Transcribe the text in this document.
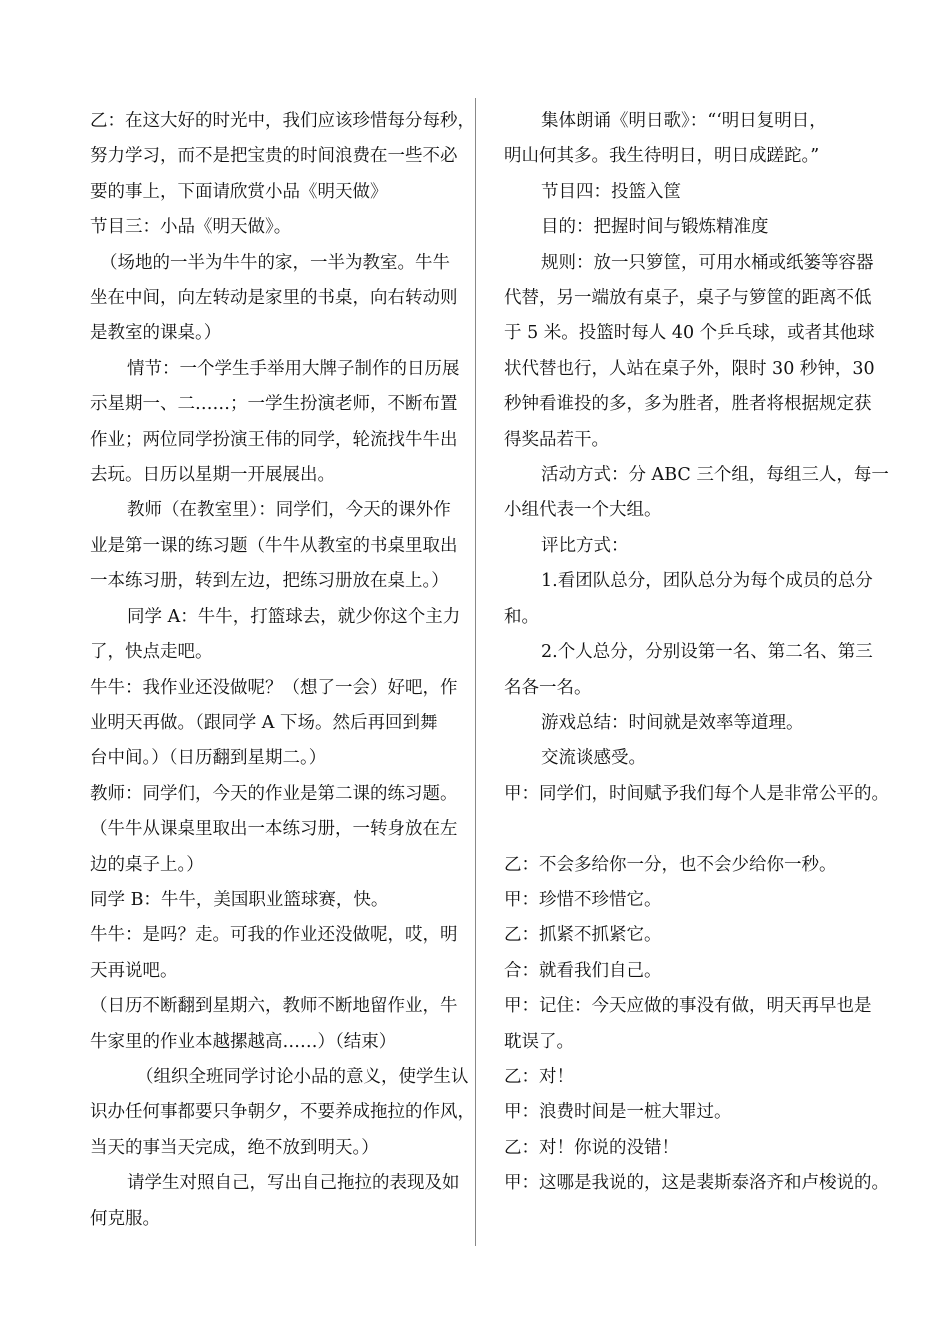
乙：在这大好的时光中，我们应该珍惜每分每秒，

努力学习，而不是把宝贵的时间浪费在一些不必

要的事上，下面请欣赏小品《明天做》

节目三：小品《明天做》。

（场地的一半为牛牛的家，一半为教室。牛牛

坐在中间，向左转动是家里的书桌，向右转动则

是教室的课桌。）

情节：一个学生手举用大牌子制作的日历展

示星期一、二……；一学生扮演老师，不断布置

作业；两位同学扮演王伟的同学，轮流找牛牛出

去玩。日历以星期一开展展出。

教师（在教室里）：同学们，今天的课外作

业是第一课的练习题（牛牛从教室的书桌里取出

一本练习册，转到左边，把练习册放在桌上。）

同学 A：牛牛，打篮球去，就少你这个主力

了，快点走吧。

牛牛：我作业还没做呢？（想了一会）好吧，作

业明天再做。（跟同学 A 下场。然后再回到舞

台中间。）（日历翻到星期二。）

教师：同学们，今天的作业是第二课的练习题。

（牛牛从课桌里取出一本练习册，一转身放在左

边的桌子上。）

同学 B：牛牛，美国职业篮球赛，快。

牛牛：是吗？走。可我的作业还没做呢，哎，明

天再说吧。

（日历不断翻到星期六，教师不断地留作业，牛

牛家里的作业本越摞越高……）（结束）

（组织全班同学讨论小品的意义，使学生认

识办任何事都要只争朝夕，不要养成拖拉的作风，

当天的事当天完成，绝不放到明天。）

请学生对照自己，写出自己拖拉的表现及如

何克服。

集体朗诵《明日歌》：“‘明日复明日，

明山何其多。我生待明日，明日成蹉跎。”

节目四：投篮入筐

目的：把握时间与锻炼精准度

规则：放一只箩筐，可用水桶或纸篓等容器

代替，另一端放有桌子，桌子与箩筐的距离不低

于 5 米。投篮时每人 40 个乒乓球，或者其他球

状代替也行，人站在桌子外，限时 30 秒钟，30

秒钟看谁投的多，多为胜者，胜者将根据规定获

得奖品若干。

活动方式：分 ABC 三个组，每组三人，每一

小组代表一个大组。

评比方式：

1.看团队总分，团队总分为每个成员的总分

和。

2.个人总分，分别设第一名、第二名、第三

名各一名。

游戏总结：时间就是效率等道理。

交流谈感受。

甲：同学们，时间赋予我们每个人是非常公平的。

乙：不会多给你一分，也不会少给你一秒。

甲：珍惜不珍惜它。

乙：抓紧不抓紧它。

合：就看我们自己。

甲：记住：今天应做的事没有做，明天再早也是

耽误了。

乙：对！

甲：浪费时间是一桩大罪过。

乙：对！你说的没错！

甲：这哪是我说的，这是裴斯泰洛齐和卢梭说的。
